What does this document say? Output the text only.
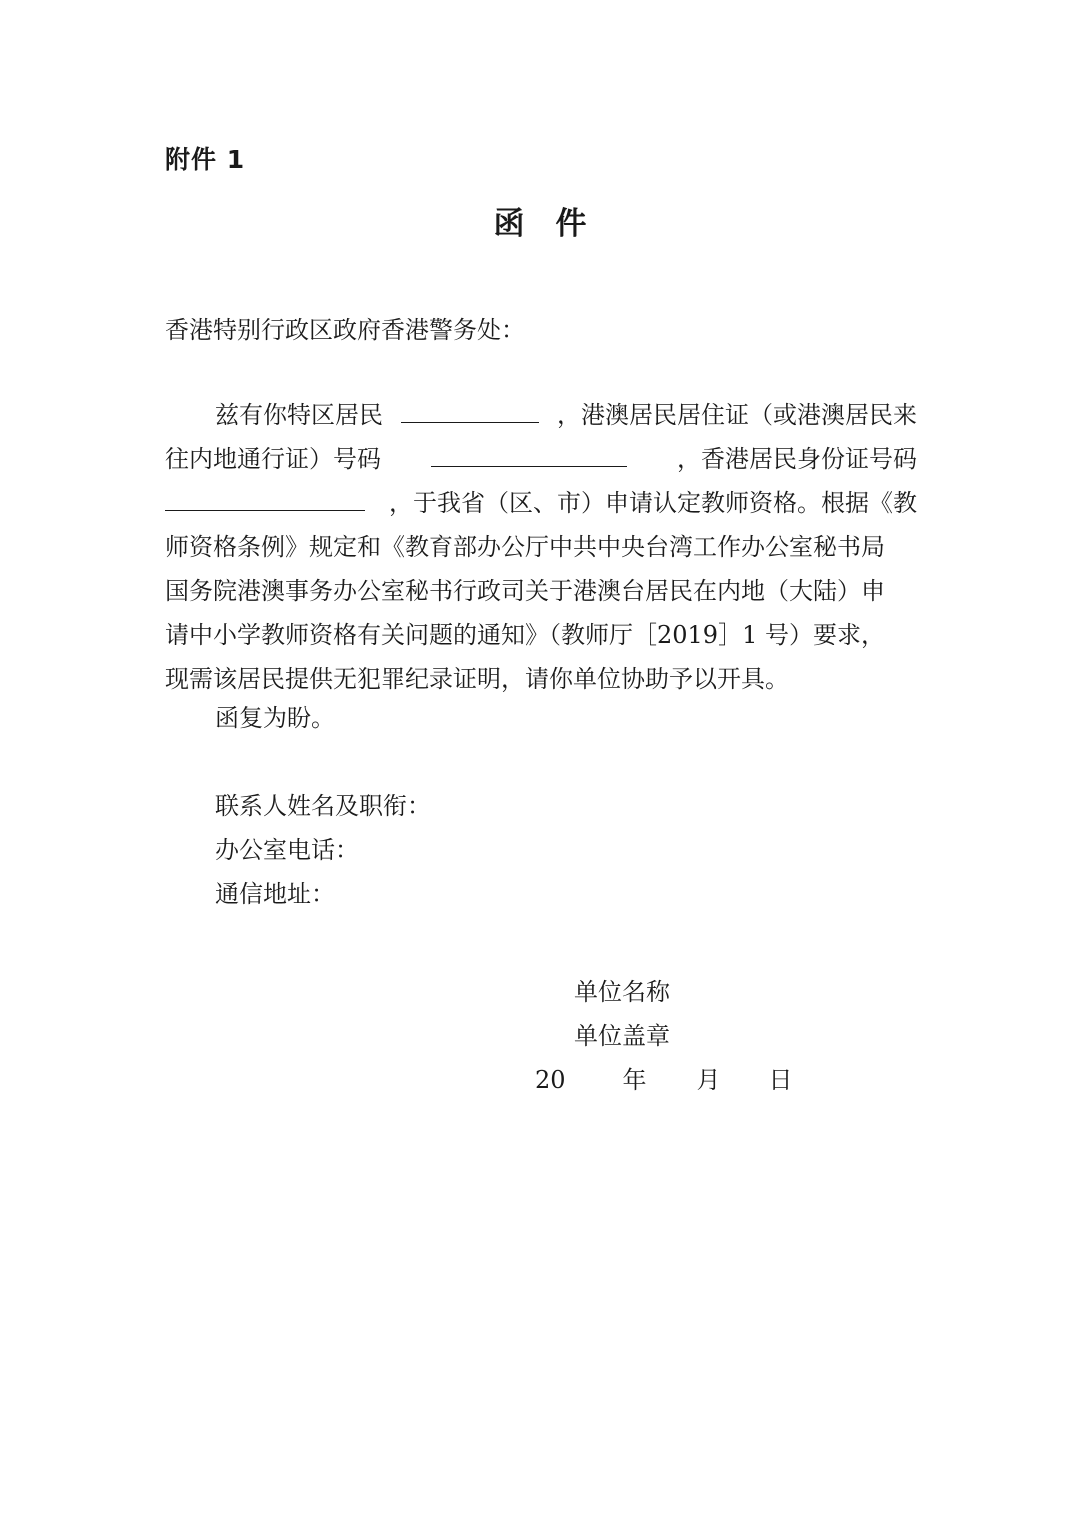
附件 1
函　件
香港特别行政区政府香港警务处：
兹有你特区居民	，港澳居民居住证（或港澳居民来
往内地通行证）号码	，香港居民身份证号码
，于我省（区、市）申请认定教师资格。根据《教
师资格条例》规定和《教育部办公厅中共中央台湾工作办公室秘书局
国务院港澳事务办公室秘书行政司关于港澳台居民在内地（大陆）申
请中小学教师资格有关问题的通知》（教师厅［2019］1 号）要求，
现需该居民提供无犯罪纪录证明，请你单位协助予以开具。
函复为盼。
联系人姓名及职衔：
办公室电话：
通信地址：
单位名称
单位盖章
20 年 月 日
